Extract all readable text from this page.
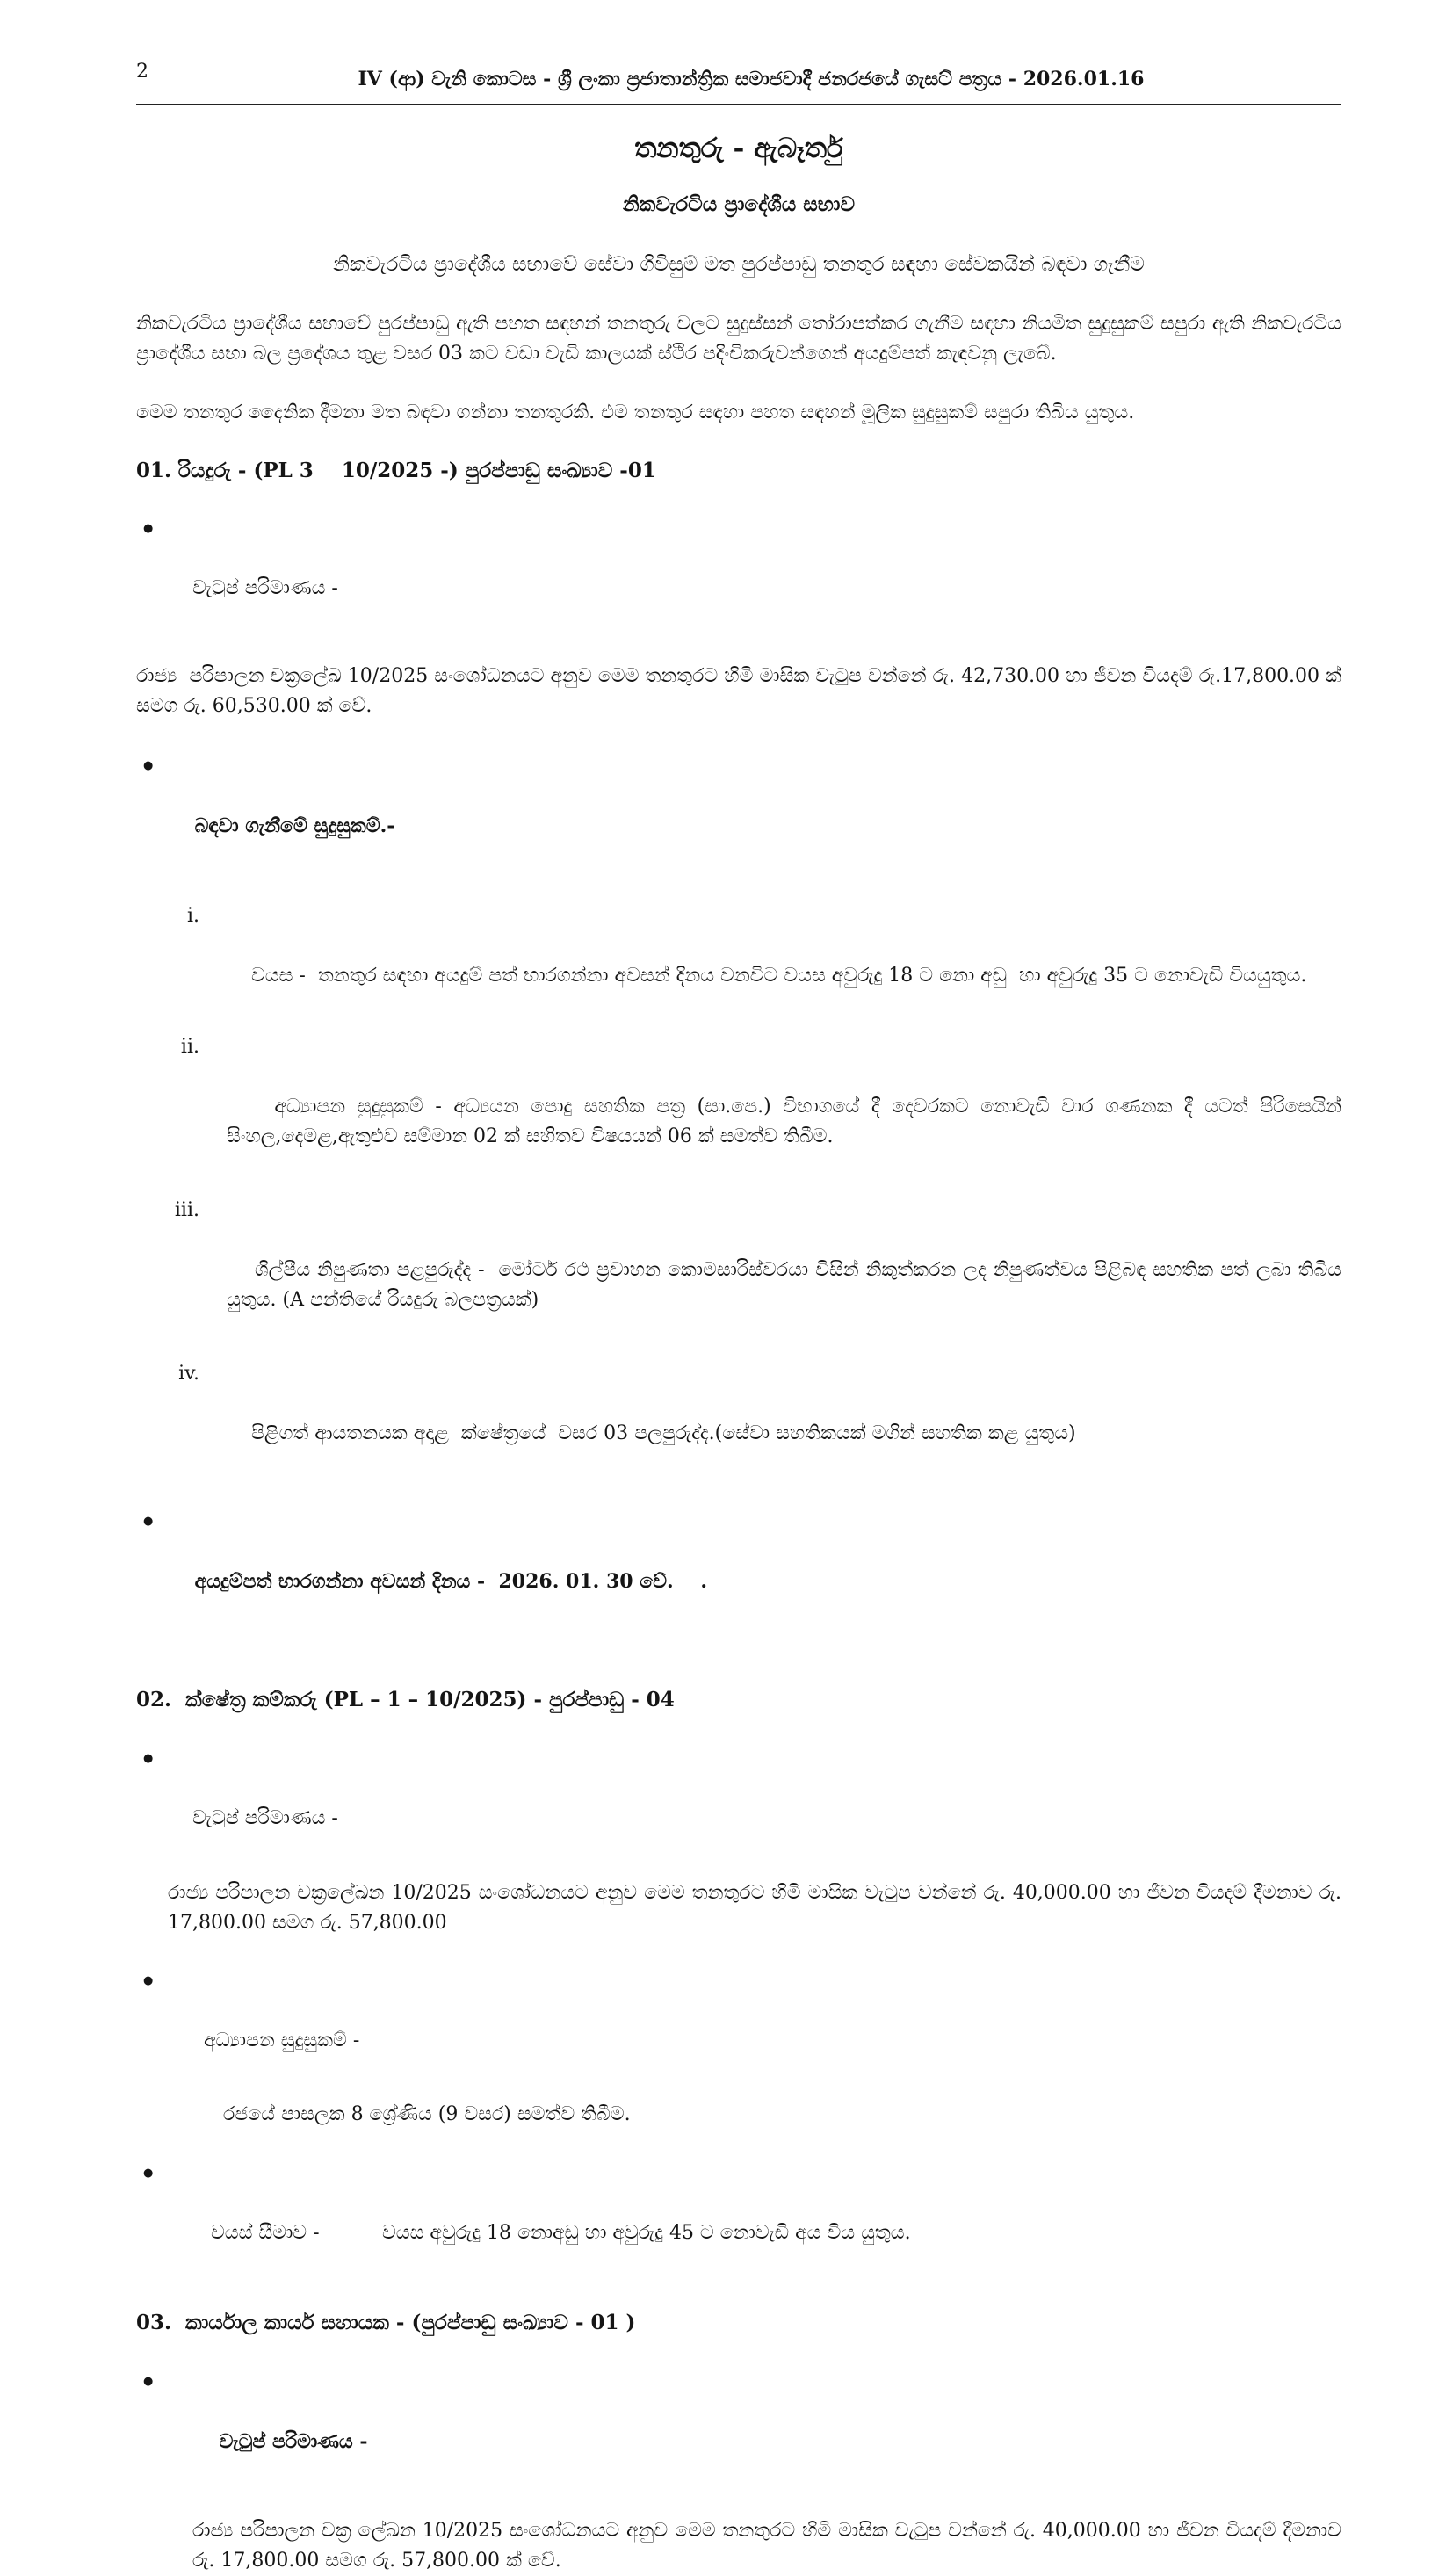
2	IV (ආ) වැනි කොටස - ශ්‍රී ලංකා ප්‍රජාතාන්ත්‍රික සමාජවාදී ජනරජයේ ගැසට් පත්‍රය - 2026.01.16
තනතුරු - ඇබෑර්තු
නිකවැරටිය ප්‍රාදේශීය සභාව
නිකවැරටිය ප්‍රාදේශීය සභාවේ සේවා ගිවිසුම් මත පුරප්පාඩු තනතුර සඳහා සේවකයින් බඳවා ගැනීම
නිකවැරටිය ප්‍රාදේශීය සභාවේ පුරප්පාඩු ඇති පහත සඳහන් තනතුරු වලට සුදුස්සන් තෝරාපත්කර ගැනීම සඳහා නියමිත සුදුසුකම් සපුරා ඇති නිකවැරටිය ප්‍රාදේශීය සභා බල ප්‍රදේශය තුළ වසර 03 කට වඩා වැඩි කාලයක් ස්ථිර පදිංචිකරුවන්ගෙන් අයදුම්පත් කැඳවනු ලැබේ.
මෙම තනතුර දෛනික දීමනා මත බඳවා ගන්නා තනතුරකි. එම තනතුර සඳහා පහත සඳහන් මූලික සුදුසුකම් සපුරා තිබිය යුතුය.
01. රියදුරු - (PL 3    10/2025 -) පුරප්පාඩු සංඛ්‍යාව -01

●

වැටුප් පරිමාණය -

රාජ්‍ය  පරිපාලන චක්‍රලේඛ 10/2025 සංශෝධනයට අනුව මෙම තනතුරට හිමි මාසික වැටුප වන්නේ රු. 42,730.00 හා ජීවන වියදම් රු.17,800.00 ක් සමග රු. 60,530.00 ක් වේ.

●

බඳවා ගැනීමේ සුදුසුකම්.-

i.

වයස -  තනතුර සඳහා අයදුම් පත් භාරගන්නා අවසන් දිනය වනවිට වයස අවුරුදු 18 ට නො අඩු  හා අවුරුදු 35 ට නොවැඩි වියයුතුය.

ii.

අධ්‍යාපන සුදුසුකම් - අධ්‍යයන පොදු සහතික පත්‍ර (සා.පෙ.) විභාගයේ දී දෙවරකට නොවැඩි වාර ගණනක දී යටත් පිරිසෙයින් සිංහල,දෙමළ,ඇතුළුව සම්මාන 02 ක් සහිතව විෂයයන් 06 ක් සමත්ව තිබීම.

iii.

ශිල්පීය නිපුණතා පළපුරුද්ද -  මෝටර් රථ ප්‍රවාහන කොමසාරිස්වරයා විසින් නිකුත්කරන ලද නිපුණත්වය පිළිබඳ සහතික පත් ලබා තිබිය යුතුය. (A පන්තියේ රියදුරු බලපත්‍රයක්)

iv.

පිළිගත් ආයතනයක අදාළ  ක්ෂේත්‍රයේ  වසර 03 පලපුරුද්ද.(සේවා සහතිකයක් මගින් සහතික කළ යුතුය)

●

අයදුම්පත් භාරගන්නා අවසන් දිනය -  2026. 01. 30 වේ.    .

02.  ක්ෂේත්‍ර කම්කරු (PL – 1 – 10/2025) - පුරප්පාඩු - 04

●

වැටුප් පරිමාණය -

රාජ්‍ය පරිපාලන චක්‍රලේඛන 10/2025 සංශෝධනයට අනුව මෙම තනතුරට හිමි මාසික වැටුප වන්නේ රු. 40,000.00 හා ජීවන වියදම් දීමනාව රු. 17,800.00 සමග රු. 57,800.00

●

අධ්‍යාපන සුදුසුකම් -

රජයේ පාසලක 8 ශ්‍රේණිය (9 වසර) සමත්ව තිබීම.

●

වයස් සීමාව -	වයස අවුරුදු 18 නොඅඩු හා අවුරුදු 45 ට නොවැඩි අය විය යුතුය.

03.  කාර්යාල කාර්ය සහායක - (පුරප්පාඩු සංඛ්‍යාව - 01 )

●

වැටුප් පරිමාණය -

රාජ්‍ය පරිපාලන චක්‍ර ලේඛන 10/2025 සංශෝධනයට අනුව මෙම තනතුරට හිමි මාසික වැටුප වන්නේ රු. 40,000.00 හා ජීවන වියදම් දීමනාව රු. 17,800.00 සමග රු. 57,800.00 ක් වේ.
